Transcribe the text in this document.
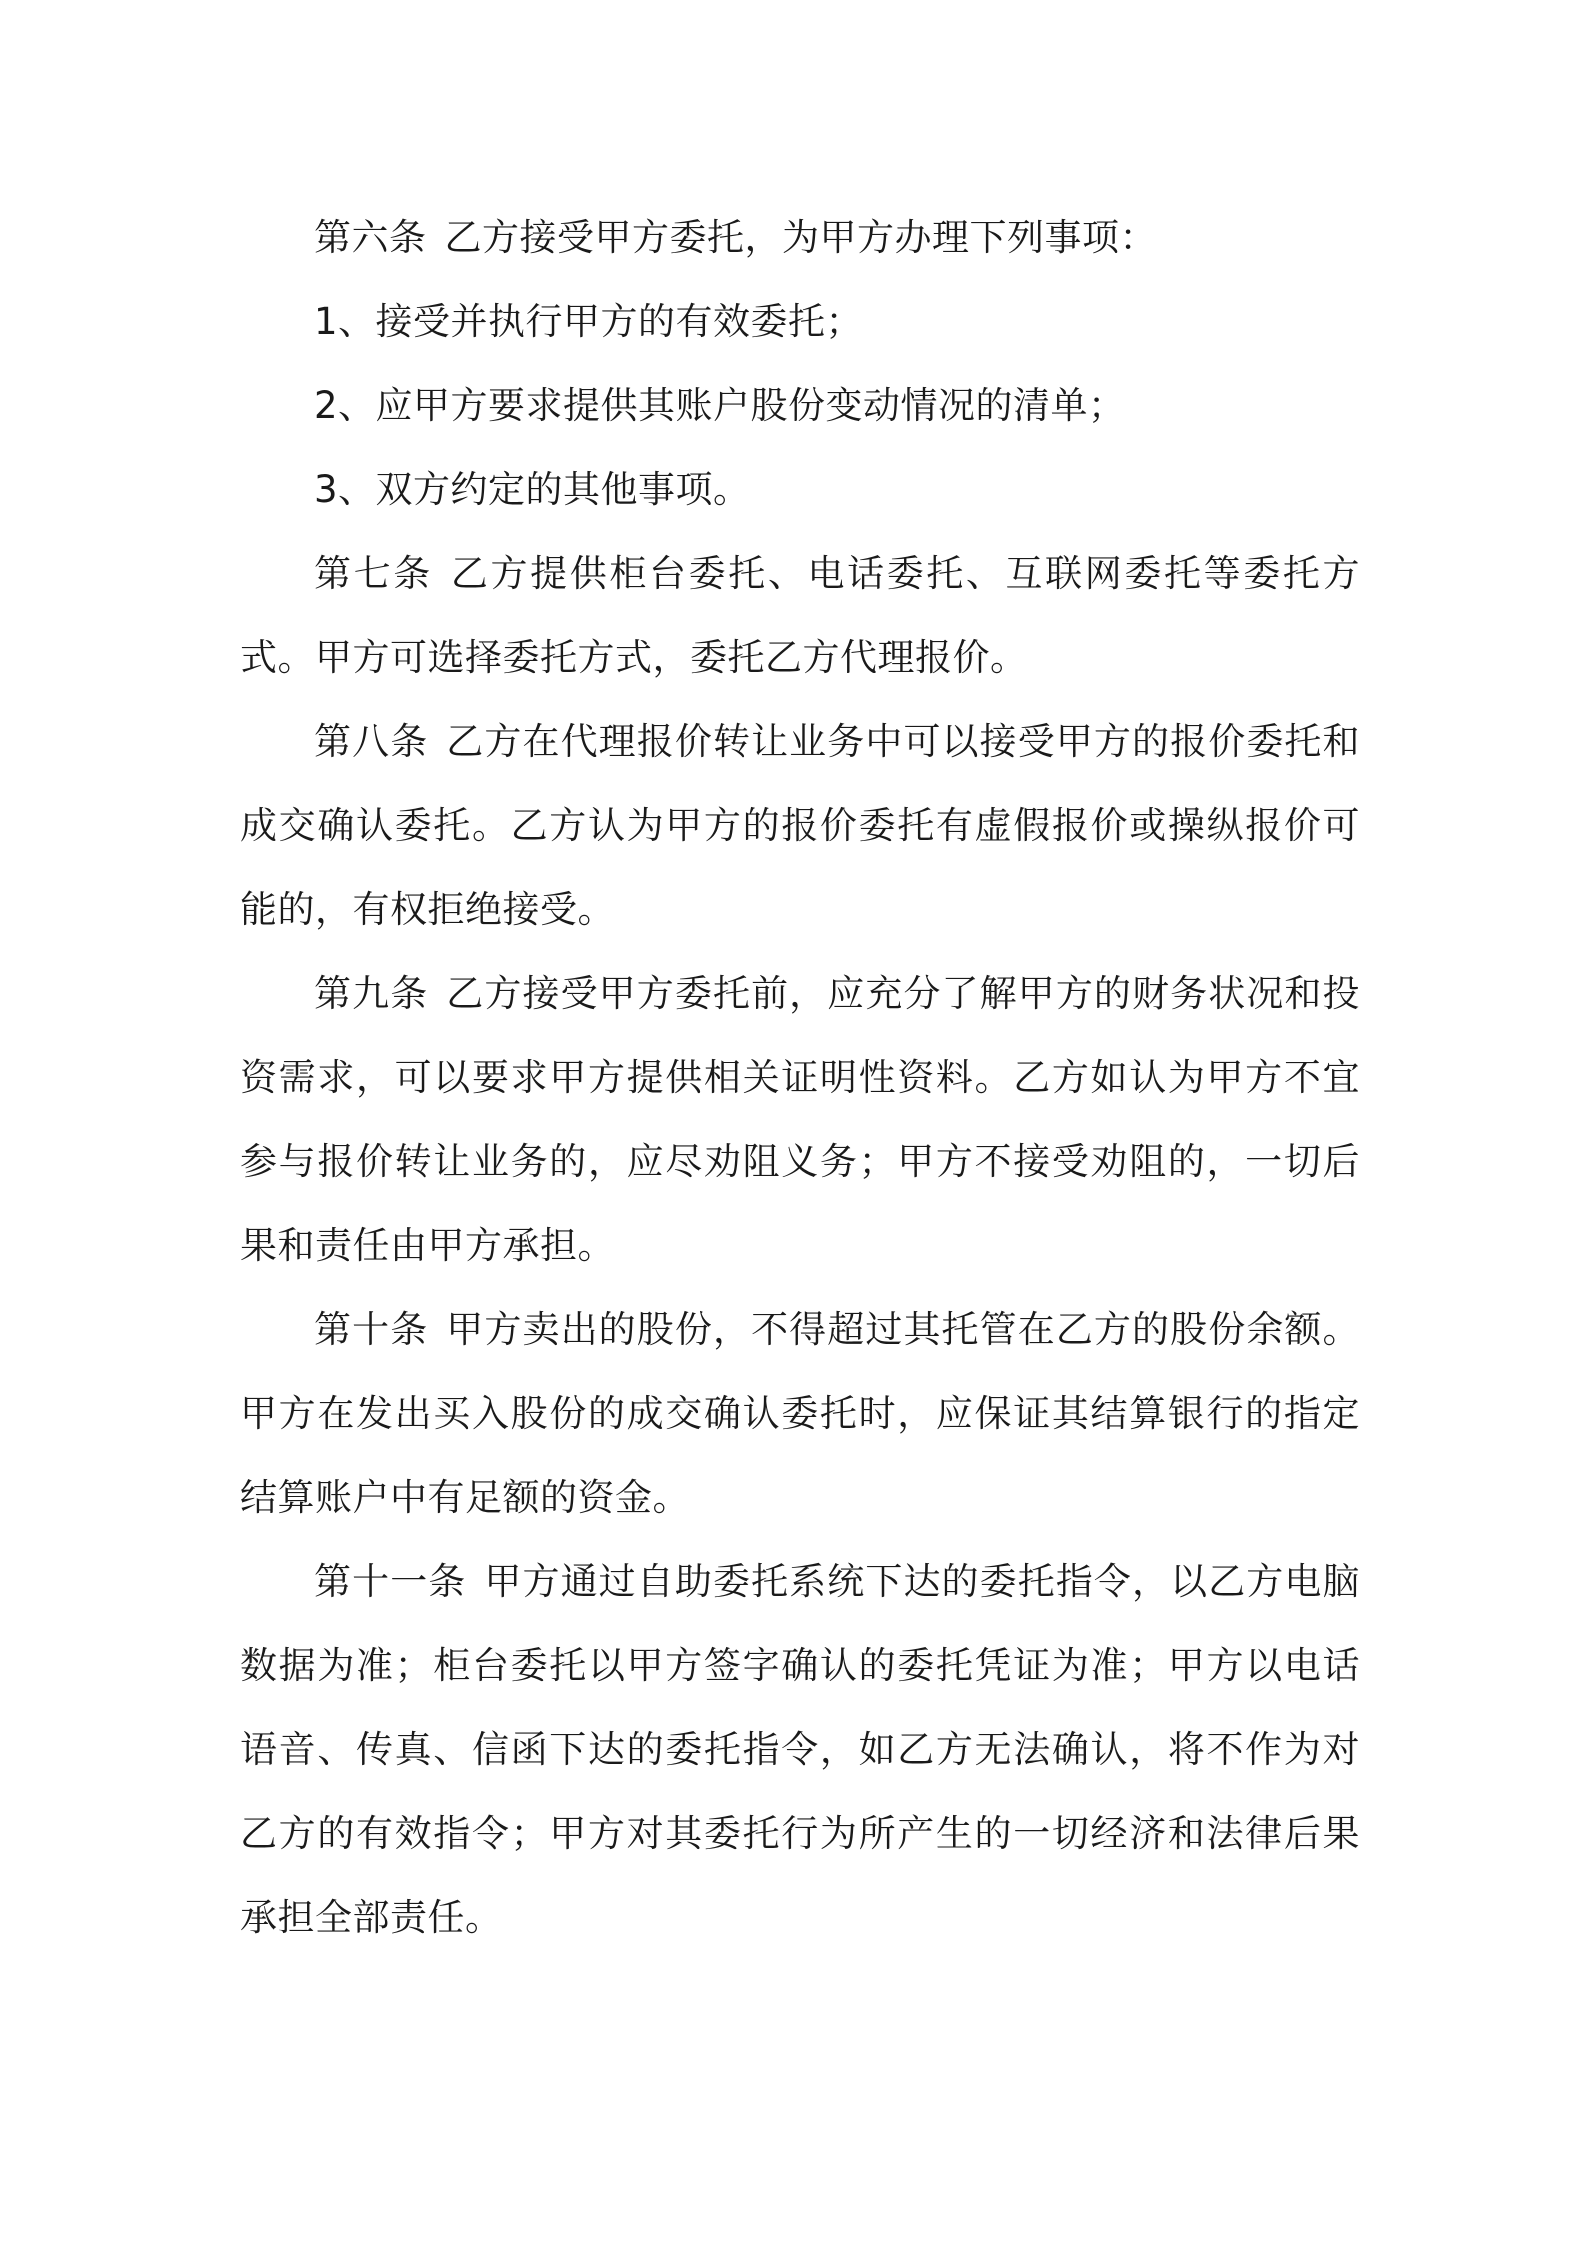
第六条 乙方接受甲方委托，为甲方办理下列事项：

1、接受并执行甲方的有效委托；

2、应甲方要求提供其账户股份变动情况的清单；

3、双方约定的其他事项。

第七条 乙方提供柜台委托、电话委托、互联网委托等委托方式。甲方可选择委托方式，委托乙方代理报价。

第八条 乙方在代理报价转让业务中可以接受甲方的报价委托和成交确认委托。乙方认为甲方的报价委托有虚假报价或操纵报价可能的，有权拒绝接受。

第九条 乙方接受甲方委托前，应充分了解甲方的财务状况和投资需求，可以要求甲方提供相关证明性资料。乙方如认为甲方不宜参与报价转让业务的，应尽劝阻义务；甲方不接受劝阻的，一切后果和责任由甲方承担。

第十条 甲方卖出的股份，不得超过其托管在乙方的股份余额。甲方在发出买入股份的成交确认委托时，应保证其结算银行的指定结算账户中有足额的资金。

第十一条 甲方通过自助委托系统下达的委托指令，以乙方电脑数据为准；柜台委托以甲方签字确认的委托凭证为准；甲方以电话语音、传真、信函下达的委托指令，如乙方无法确认，将不作为对乙方的有效指令；甲方对其委托行为所产生的一切经济和法律后果承担全部责任。
